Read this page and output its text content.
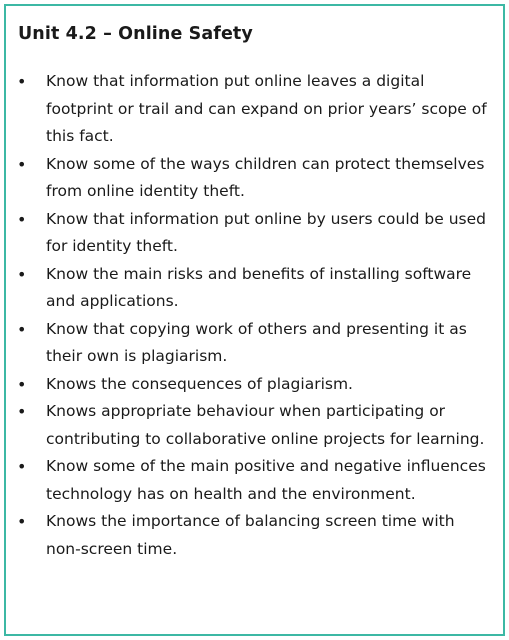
Unit 4.2 – Online Safety
• Know that information put online leaves a digital footprint or trail and can expand on prior years’ scope of this fact.
• Know some of the ways children can protect themselves from online identity theft.
• Know that information put online by users could be used for identity theft.
• Know the main risks and benefits of installing software and applications.
• Know that copying work of others and presenting it as their own is plagiarism.
• Knows the consequences of plagiarism.
• Knows appropriate behaviour when participating or contributing to collaborative online projects for learning.
• Know some of the main positive and negative influences technology has on health and the environment.
• Knows the importance of balancing screen time with non-screen time.
